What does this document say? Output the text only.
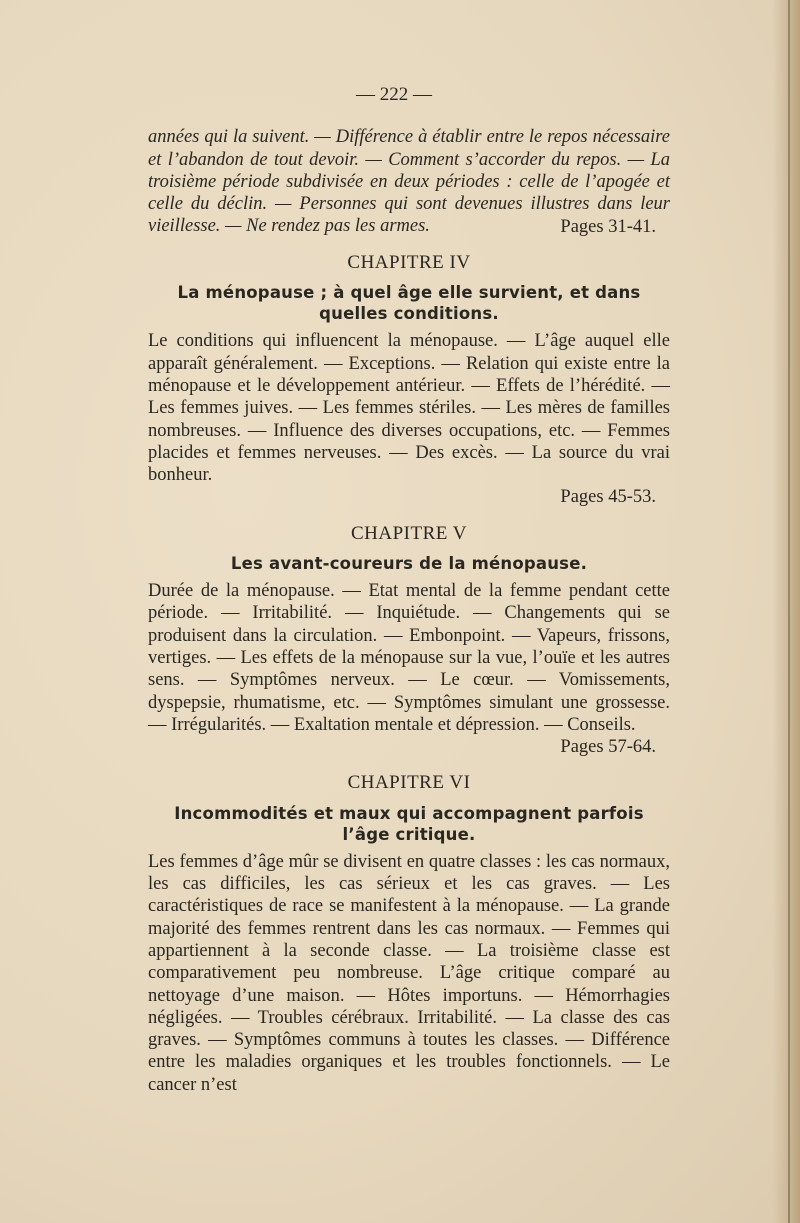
— 222 —
années qui la suivent. — Différence à établir entre le repos nécessaire et l’abandon de tout devoir. — Comment s’accorder du repos. — La troisième période subdivisée en deux périodes : celle de l’apogée et celle du déclin. — Personnes qui sont devenues illustres dans leur vieillesse. — Ne rendez pas les armes.	Pages 31-41.
CHAPITRE IV
La ménopause ; à quel âge elle survient, et dans quelles conditions.
Le conditions qui influencent la ménopause. — L’âge auquel elle apparaît généralement. — Exceptions. — Relation qui existe entre la ménopause et le développement antérieur. — Effets de l’hérédité. — Les femmes juives. — Les femmes stériles. — Les mères de familles nombreuses. — Influence des diverses occupations, etc. — Femmes placides et femmes nerveuses. — Des excès. — La source du vrai bonheur.
Pages 45-53.
CHAPITRE V
Les avant-coureurs de la ménopause.
Durée de la ménopause. — Etat mental de la femme pendant cette période. — Irritabilité. — Inquiétude. — Changements qui se produisent dans la circulation. — Embonpoint. — Vapeurs, frissons, vertiges. — Les effets de la ménopause sur la vue, l’ouïe et les autres sens. — Symptômes nerveux. — Le cœur. — Vomissements, dyspepsie, rhumatisme, etc. — Symptômes simulant une grossesse. — Irrégularités. — Exaltation mentale et dépression. — Conseils.
Pages 57-64.
CHAPITRE VI
Incommodités et maux qui accompagnent parfois l’âge critique.
Les femmes d’âge mûr se divisent en quatre classes : les cas normaux, les cas difficiles, les cas sérieux et les cas graves. — Les caractéristiques de race se manifestent à la ménopause. — La grande majorité des femmes rentrent dans les cas normaux. — Femmes qui appartiennent à la seconde classe. — La troisième classe est comparativement peu nombreuse. L’âge critique comparé au nettoyage d’une maison. — Hôtes importuns. — Hémorrhagies négligées. — Troubles cérébraux. Irritabilité. — La classe des cas graves. — Symptômes communs à toutes les classes. — Différence entre les maladies organiques et les troubles fonctionnels. — Le cancer n’est
